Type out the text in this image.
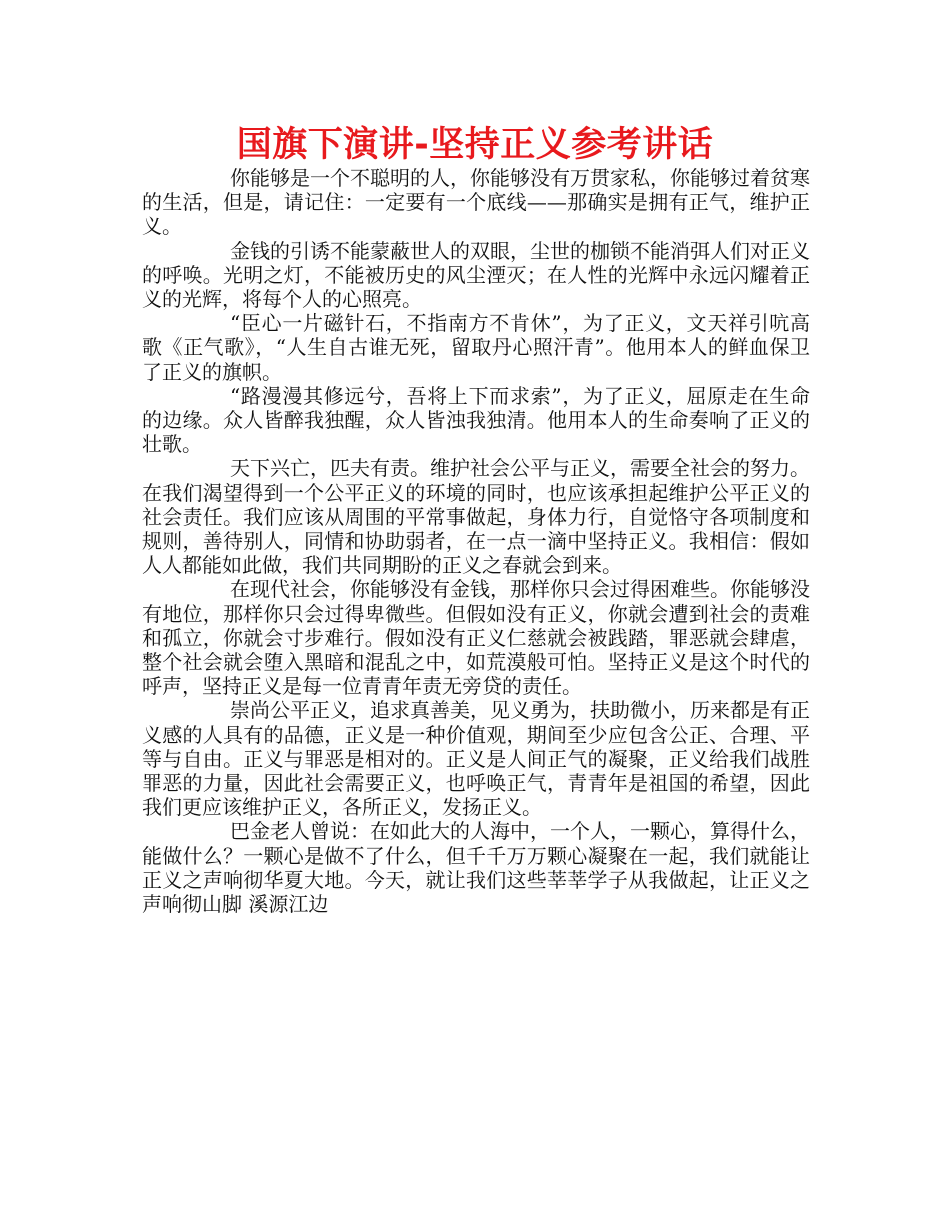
国旗下演讲-坚持正义参考讲话

你能够是一个不聪明的人，你能够没有万贯家私，你能够过着贫寒的生活，但是，请记住：一定要有一个底线——那确实是拥有正气，维护正义。

金钱的引诱不能蒙蔽世人的双眼，尘世的枷锁不能消弭人们对正义的呼唤。光明之灯，不能被历史的风尘湮灭；在人性的光辉中永远闪耀着正义的光辉，将每个人的心照亮。

“臣心一片磁针石，不指南方不肯休”，为了正义，文天祥引吭高歌《正气歌》，“人生自古谁无死，留取丹心照汗青”。他用本人的鲜血保卫了正义的旗帜。

“路漫漫其修远兮，吾将上下而求索”，为了正义，屈原走在生命的边缘。众人皆醉我独醒，众人皆浊我独清。他用本人的生命奏响了正义的壮歌。

天下兴亡，匹夫有责。维护社会公平与正义，需要全社会的努力。在我们渴望得到一个公平正义的环境的同时，也应该承担起维护公平正义的社会责任。我们应该从周围的平常事做起，身体力行，自觉恪守各项制度和规则，善待别人，同情和协助弱者，在一点一滴中坚持正义。我相信：假如人人都能如此做，我们共同期盼的正义之春就会到来。

在现代社会，你能够没有金钱，那样你只会过得困难些。你能够没有地位，那样你只会过得卑微些。但假如没有正义，你就会遭到社会的责难和孤立，你就会寸步难行。假如没有正义仁慈就会被践踏，罪恶就会肆虐，整个社会就会堕入黑暗和混乱之中，如荒漠般可怕。坚持正义是这个时代的呼声，坚持正义是每一位青青年责无旁贷的责任。

崇尚公平正义，追求真善美，见义勇为，扶助微小，历来都是有正义感的人具有的品德，正义是一种价值观，期间至少应包含公正、合理、平等与自由。正义与罪恶是相对的。正义是人间正气的凝聚，正义给我们战胜罪恶的力量，因此社会需要正义，也呼唤正气，青青年是祖国的希望，因此我们更应该维护正义，各所正义，发扬正义。

巴金老人曾说：在如此大的人海中，一个人，一颗心，算得什么，能做什么？一颗心是做不了什么，但千千万万颗心凝聚在一起，我们就能让正义之声响彻华夏大地。今天，就让我们这些莘莘学子从我做起，让正义之声响彻山脚 溪源江边
